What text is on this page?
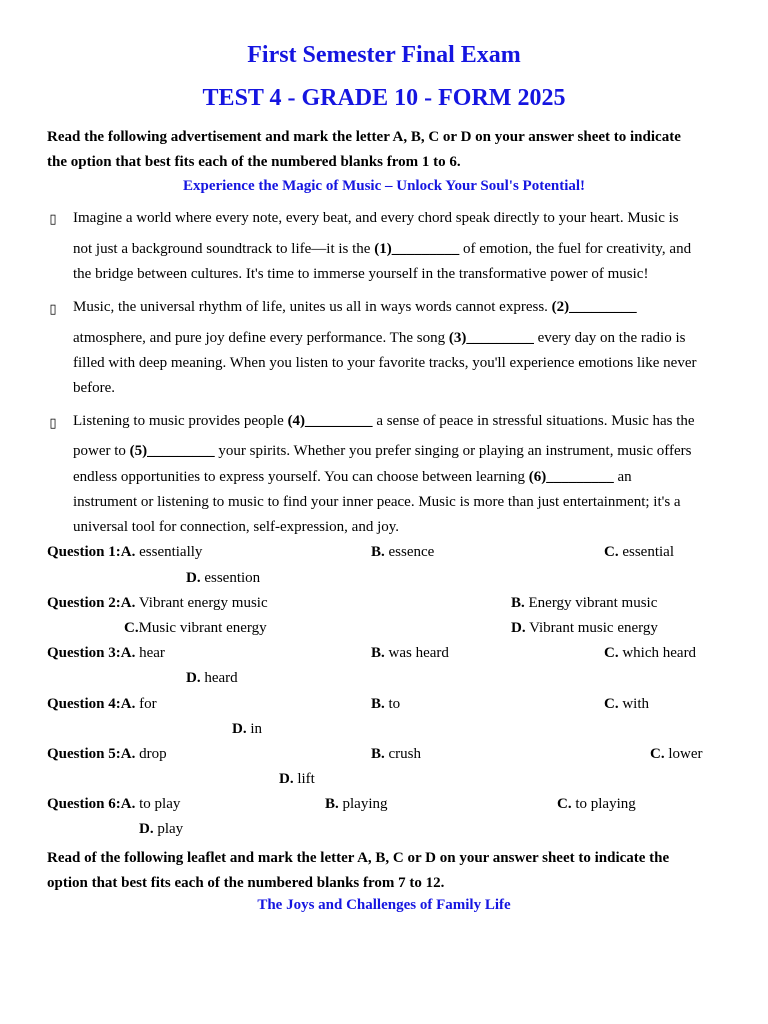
First Semester Final Exam
TEST 4 - GRADE 10 - FORM 2025
Read the following advertisement and mark the letter A, B, C or D on your answer sheet to indicate
the option that best fits each of the numbered blanks from 1 to 6.
Experience the Magic of Music – Unlock Your Soul's Potential!
▯ Imagine a world where every note, every beat, and every chord speak directly to your heart. Music is
not just a background soundtrack to life—it is the (1)_________ of emotion, the fuel for creativity, and
the bridge between cultures. It's time to immerse yourself in the transformative power of music!
▯ Music, the universal rhythm of life, unites us all in ways words cannot express. (2)_________
atmosphere, and pure joy define every performance. The song (3)_________ every day on the radio is
filled with deep meaning. When you listen to your favorite tracks, you'll experience emotions like never
before.
▯ Listening to music provides people (4)_________ a sense of peace in stressful situations. Music has the
power to (5)_________ your spirits. Whether you prefer singing or playing an instrument, music offers
endless opportunities to express yourself. You can choose between learning (6)_________ an
instrument or listening to music to find your inner peace. Music is more than just entertainment; it's a
universal tool for connection, self-expression, and joy.
Question 1:A. essentially	B. essence	C. essential
D. essention
Question 2:A. Vibrant energy music	B. Energy vibrant music
C.Music vibrant energy	D. Vibrant music energy
Question 3:A. hear	B. was heard	C. which heard
D. heard
Question 4:A. for	B. to	C. with
D. in
Question 5:A. drop	B. crush	C. lower
D. lift
Question 6:A. to play	B. playing	C. to playing
D. play
Read of the following leaflet and mark the letter A, B, C or D on your answer sheet to indicate the
option that best fits each of the numbered blanks from 7 to 12.
The Joys and Challenges of Family Life
